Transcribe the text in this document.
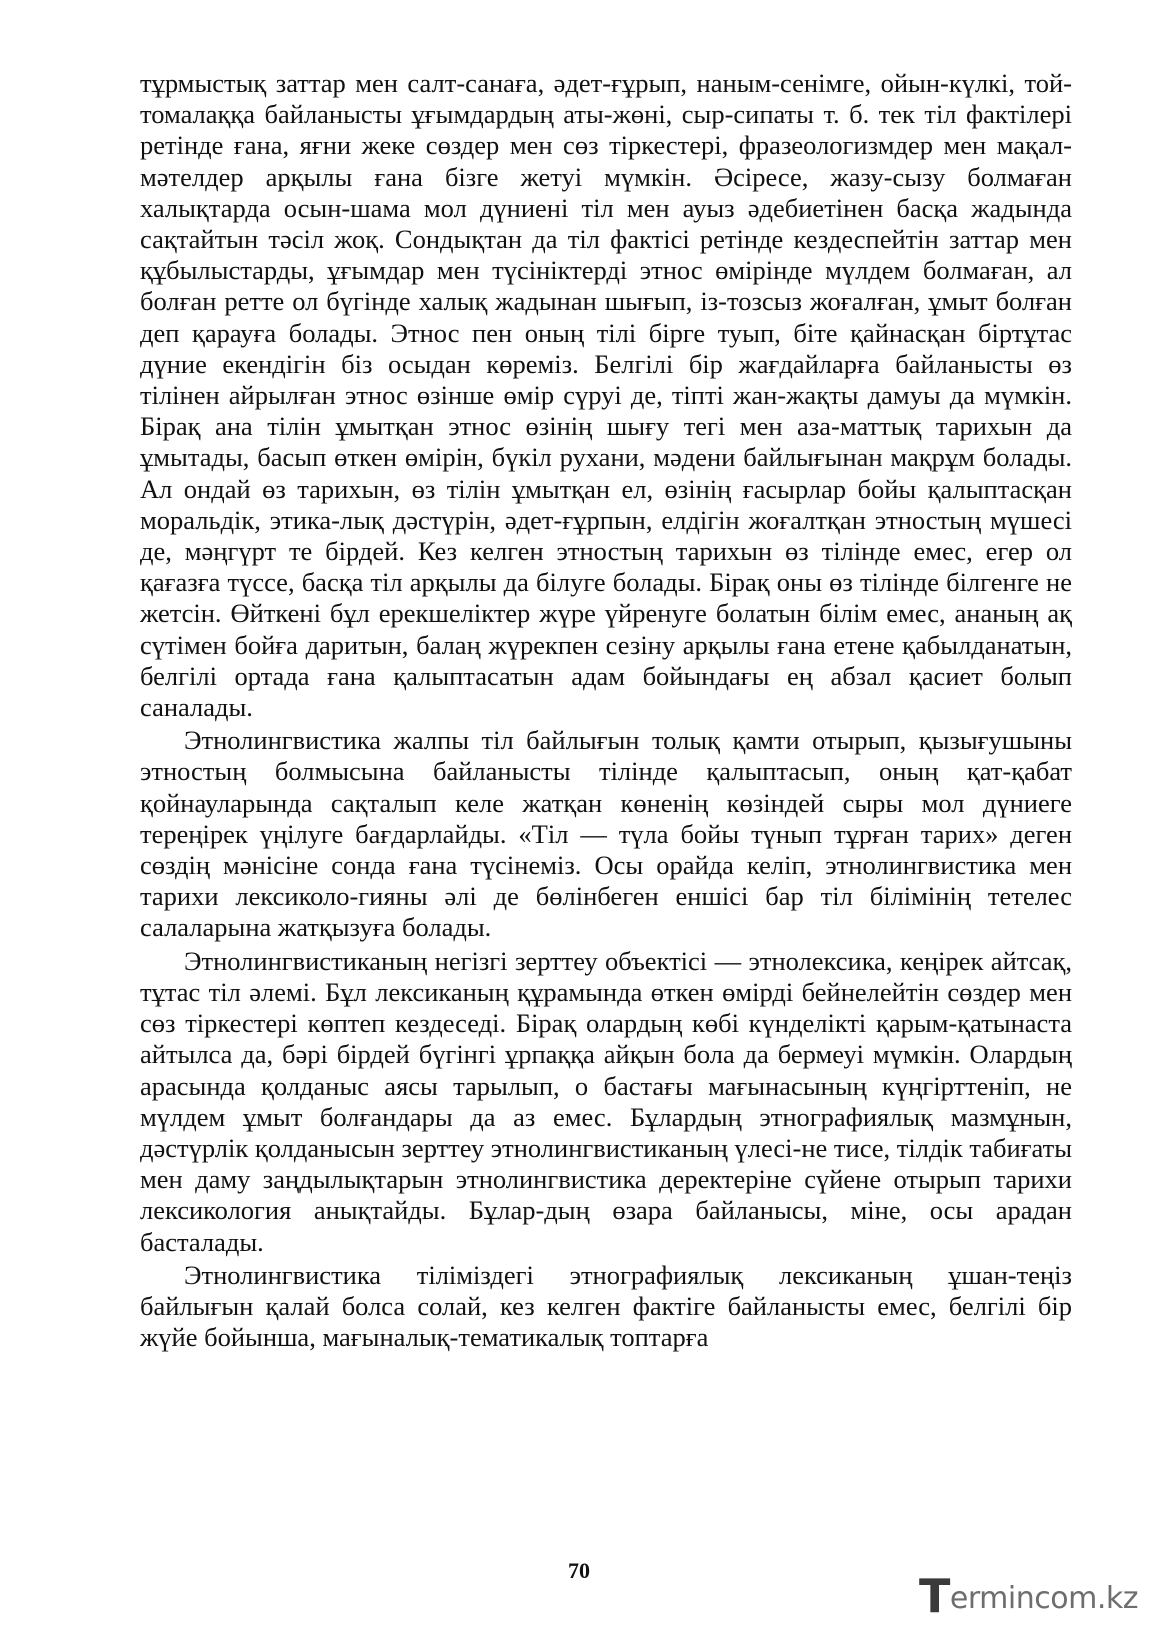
тұрмыстық заттар мен салт-санаға, әдет-ғұрып, наным-сенімге, ойын-күлкі, той-томалаққа байланысты ұғымдардың аты-жөні, сыр-сипаты т. б. тек тіл фактілері ретінде ғана, яғни жеке сөздер мен сөз тіркестері, фразеологизмдер мен мақал-мәтелдер арқылы ғана бізге жетуі мүмкін. Әсіресе, жазу-сызу болмаған халықтарда осын-шама мол дүниені тіл мен ауыз әдебиетінен басқа жадында сақтайтын тәсіл жоқ. Сондықтан да тіл фактісі ретінде кездеспейтін заттар мен құбылыстарды, ұғымдар мен түсініктерді этнос өмірінде мүлдем болмаған, ал болған ретте ол бүгінде халық жадынан шығып, із-тозсыз жоғалған, ұмыт болған деп қарауға болады. Этнос пен оның тілі бірге туып, біте қайнасқан біртұтас дүние екендігін біз осыдан көреміз. Белгілі бір жағдайларға байланысты өз тілінен айрылған этнос өзінше өмір сүруі де, тіпті жан-жақты дамуы да мүмкін. Бірақ ана тілін ұмытқан этнос өзінің шығу тегі мен аза-маттық тарихын да ұмытады, басып өткен өмірін, бүкіл рухани, мәдени байлығынан мақрұм болады. Ал ондай өз тарихын, өз тілін ұмытқан ел, өзінің ғасырлар бойы қалыптасқан моральдік, этика-лық дәстүрін, әдет-ғұрпын, елдігін жоғалтқан этностың мүшесі де, мәңгүрт те бірдей. Кез келген этностың тарихын өз тілінде емес, егер ол қағазға түссе, басқа тіл арқылы да білуге болады. Бірақ оны өз тілінде білгенге не жетсін. Өйткені бұл ерекшеліктер жүре үйренуге болатын білім емес, ананың ақ сүтімен бойға даритын, балаң жүрекпен сезіну арқылы ғана етене қабылданатын, белгілі ортада ғана қалыптасатын адам бойындағы ең абзал қасиет болып саналады.

Этнолингвистика жалпы тіл байлығын толық қамти отырып, қызығушыны этностың болмысына байланысты тілінде қалыптасып, оның қат-қабат қойнауларында сақталып келе жатқан көненің көзіндей сыры мол дүниеге тереңірек үңілуге бағдарлайды. «Тіл — түла бойы түнып тұрған тарих» деген сөздің мәнісіне сонда ғана түсінеміз. Осы орайда келіп, этнолингвистика мен тарихи лексиколо-гияны әлі де бөлінбеген еншісі бар тіл білімінің тетелес салаларына жатқызуға болады.

Этнолингвистиканың негізгі зерттеу объектісі — этнолексика, кеңірек айтсақ, тұтас тіл әлемі. Бұл лексиканың құрамында өткен өмірді бейнелейтін сөздер мен сөз тіркестері көптеп кездеседі. Бірақ олардың көбі күнделікті қарым-қатынаста айтылса да, бәрі бірдей бүгінгі ұрпаққа айқын бола да бермеуі мүмкін. Олардың арасында қолданыс аясы тарылып, о бастағы мағынасының күңгірттеніп, не мүлдем ұмыт болғандары да аз емес. Бұлардың этнографиялық мазмұнын, дәстүрлік қолданысын зерттеу этнолингвистиканың үлесі-не тисе, тілдік табиғаты мен даму заңдылықтарын этнолингвистика деректеріне сүйене отырып тарихи лексикология анықтайды. Бұлар-дың өзара байланысы, міне, осы арадан басталады.

Этнолингвистика тіліміздегі этнографиялық лексиканың ұшан-теңіз байлығын қалай болса солай, кез келген фактіге байланысты емес, белгілі бір жүйе бойынша, мағыналық-тематикалық топтарға

70	Termincom.kz
